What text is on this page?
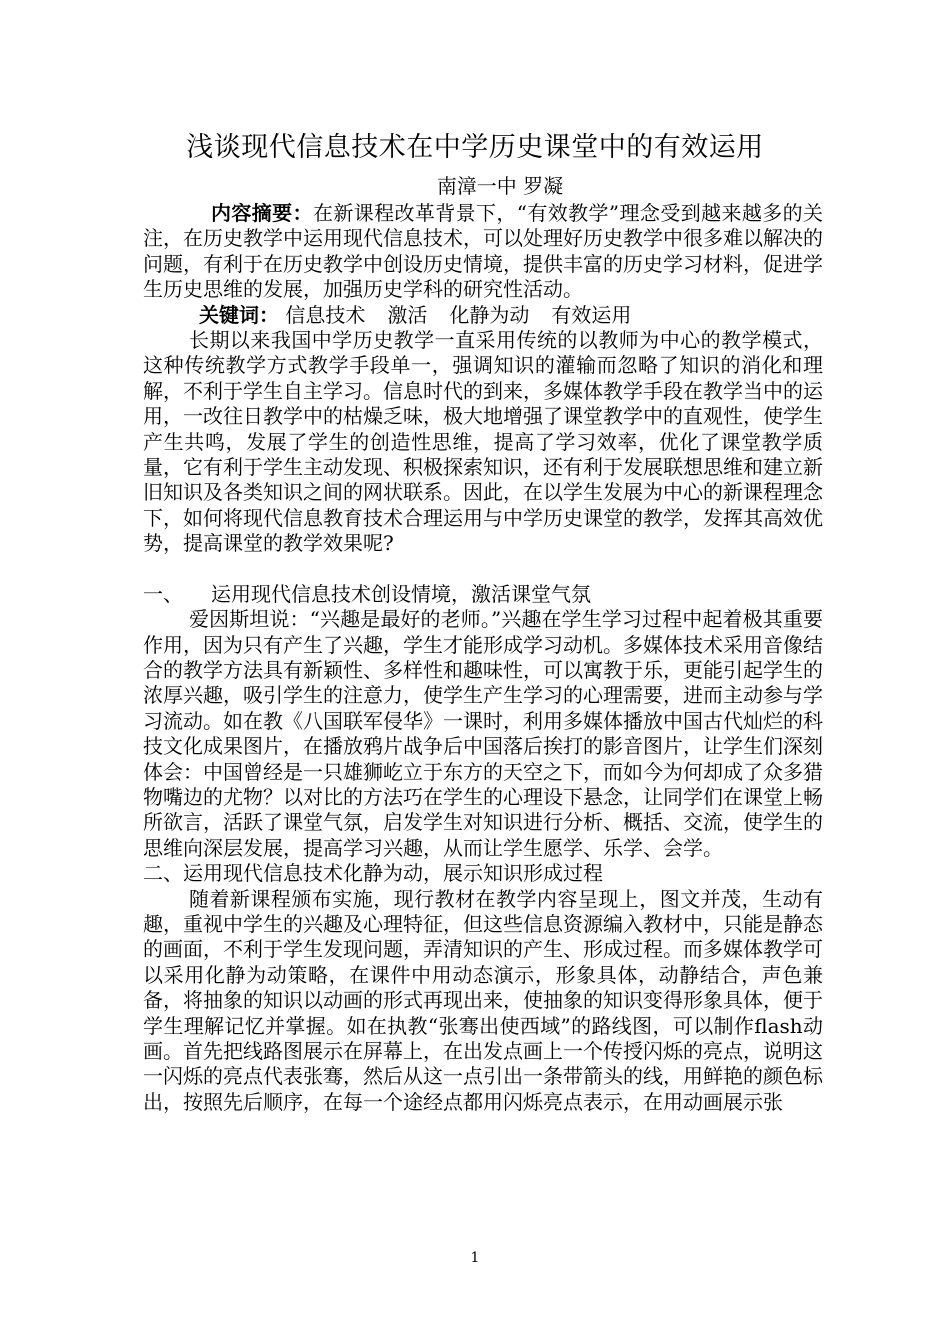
浅谈现代信息技术在中学历史课堂中的有效运用
南漳一中 罗凝

内容摘要：在新课程改革背景下，“有效教学”理念受到越来越多的关注，在历史教学中运用现代信息技术，可以处理好历史教学中很多难以解决的问题，有利于在历史教学中创设历史情境，提供丰富的历史学习材料，促进学生历史思维的发展，加强历史学科的研究性活动。

关键词： 信息技术 激活 化静为动 有效运用

长期以来我国中学历史教学一直采用传统的以教师为中心的教学模式，这种传统教学方式教学手段单一，强调知识的灌输而忽略了知识的消化和理解，不利于学生自主学习。信息时代的到来，多媒体教学手段在教学当中的运用，一改往日教学中的枯燥乏味，极大地增强了课堂教学中的直观性，使学生产生共鸣，发展了学生的创造性思维，提高了学习效率，优化了课堂教学质量，它有利于学生主动发现、积极探索知识，还有利于发展联想思维和建立新旧知识及各类知识之间的网状联系。因此，在以学生发展为中心的新课程理念下，如何将现代信息教育技术合理运用与中学历史课堂的教学，发挥其高效优势，提高课堂的教学效果呢?

一、	运用现代信息技术创设情境，激活课堂气氛

爱因斯坦说：“兴趣是最好的老师。”兴趣在学生学习过程中起着极其重要作用，因为只有产生了兴趣，学生才能形成学习动机。多媒体技术采用音像结合的教学方法具有新颖性、多样性和趣味性，可以寓教于乐，更能引起学生的浓厚兴趣，吸引学生的注意力，使学生产生学习的心理需要，进而主动参与学习流动。如在教《八国联军侵华》一课时，利用多媒体播放中国古代灿烂的科技文化成果图片，在播放鸦片战争后中国落后挨打的影音图片，让学生们深刻体会：中国曾经是一只雄狮屹立于东方的天空之下，而如今为何却成了众多猎物嘴边的尤物？以对比的方法巧在学生的心理设下悬念，让同学们在课堂上畅所欲言，活跃了课堂气氛，启发学生对知识进行分析、概括、交流，使学生的思维向深层发展，提高学习兴趣，从而让学生愿学、乐学、会学。

二、运用现代信息技术化静为动，展示知识形成过程

随着新课程颁布实施，现行教材在教学内容呈现上，图文并茂，生动有趣，重视中学生的兴趣及心理特征，但这些信息资源编入教材中，只能是静态的画面，不利于学生发现问题，弄清知识的产生、形成过程。而多媒体教学可以采用化静为动策略，在课件中用动态演示，形象具体，动静结合，声色兼备，将抽象的知识以动画的形式再现出来，使抽象的知识变得形象具体，便于学生理解记忆并掌握。如在执教“张骞出使西域”的路线图，可以制作flash动画。首先把线路图展示在屏幕上，在出发点画上一个传授闪烁的亮点，说明这一闪烁的亮点代表张骞，然后从这一点引出一条带箭头的线，用鲜艳的颜色标出，按照先后顺序，在每一个途经点都用闪烁亮点表示，在用动画展示张

1
